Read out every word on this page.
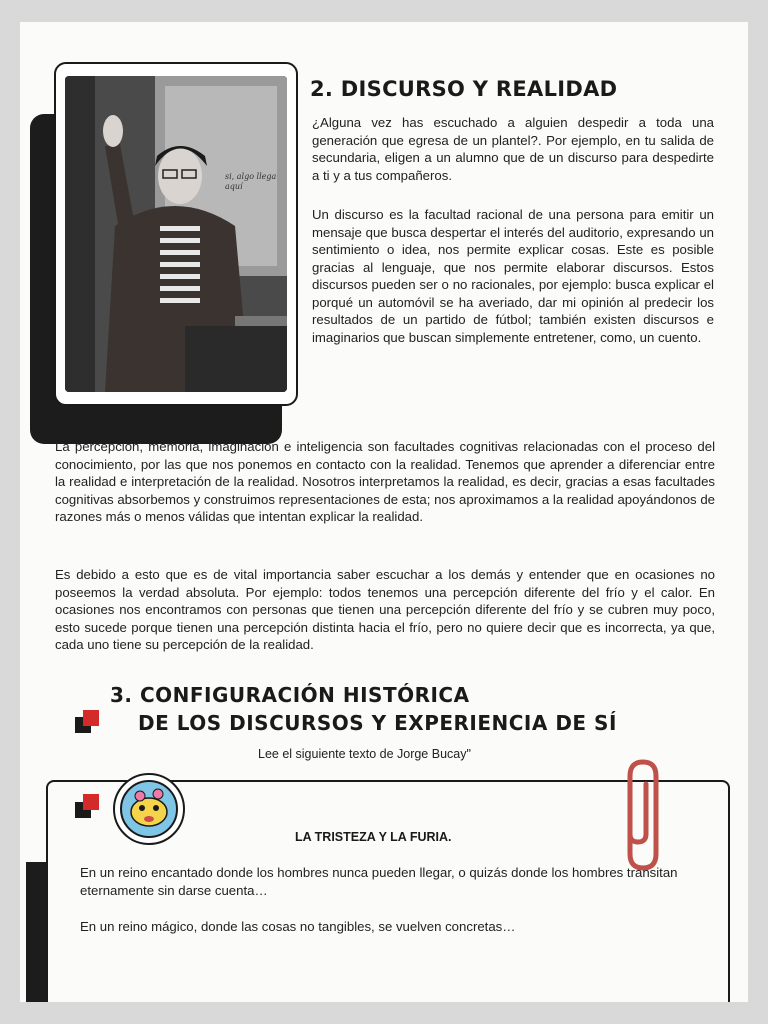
si, algo llega aquí
2. DISCURSO Y REALIDAD
¿Alguna vez has escuchado a alguien despedir a toda una generación que egresa de un plantel?. Por ejemplo, en tu salida de secundaria, eligen a un alumno que de un discurso para despedirte a ti y a tus compañeros.
Un discurso es la facultad racional de una persona para emitir un mensaje que busca despertar el interés del auditorio, expresando un sentimiento o idea, nos permite explicar cosas. Este es posible gracias al lenguaje, que nos permite elaborar discursos. Estos discursos pueden ser o no racionales, por ejemplo: busca explicar el porqué un automóvil se ha averiado, dar mi opinión al predecir los resultados de un partido de fútbol; también existen discursos e imaginarios que buscan simplemente entretener, como, un cuento.
La percepción, memoria, imaginación e inteligencia son facultades cognitivas relacionadas con el proceso del conocimiento, por las que nos ponemos en contacto con la realidad. Tenemos que aprender a diferenciar entre la realidad e interpretación de la realidad. Nosotros interpretamos la realidad, es decir, gracias a esas facultades cognitivas absorbemos y construimos representaciones de esta; nos aproximamos a la realidad apoyándonos de razones más o menos válidas que intentan explicar la realidad.
Es debido a esto que es de vital importancia saber escuchar a los demás y entender que en ocasiones no poseemos la verdad absoluta. Por ejemplo: todos tenemos una percepción diferente del frío y el calor. En ocasiones nos encontramos con personas que tienen una percepción diferente del frío y se cubren muy poco, esto sucede porque tienen una percepción distinta hacia el frío, pero no quiere decir que es incorrecta, ya que, cada uno tiene su percepción de la realidad.
3. CONFIGURACIÓN HISTÓRICA
DE LOS DISCURSOS Y EXPERIENCIA DE SÍ
Lee el siguiente texto de Jorge Bucay"
LA TRISTEZA Y LA FURIA.
En un reino encantado donde los hombres nunca pueden llegar, o quizás donde los hombres transitan eternamente sin darse cuenta…
En un reino mágico, donde las cosas no tangibles, se vuelven concretas…
